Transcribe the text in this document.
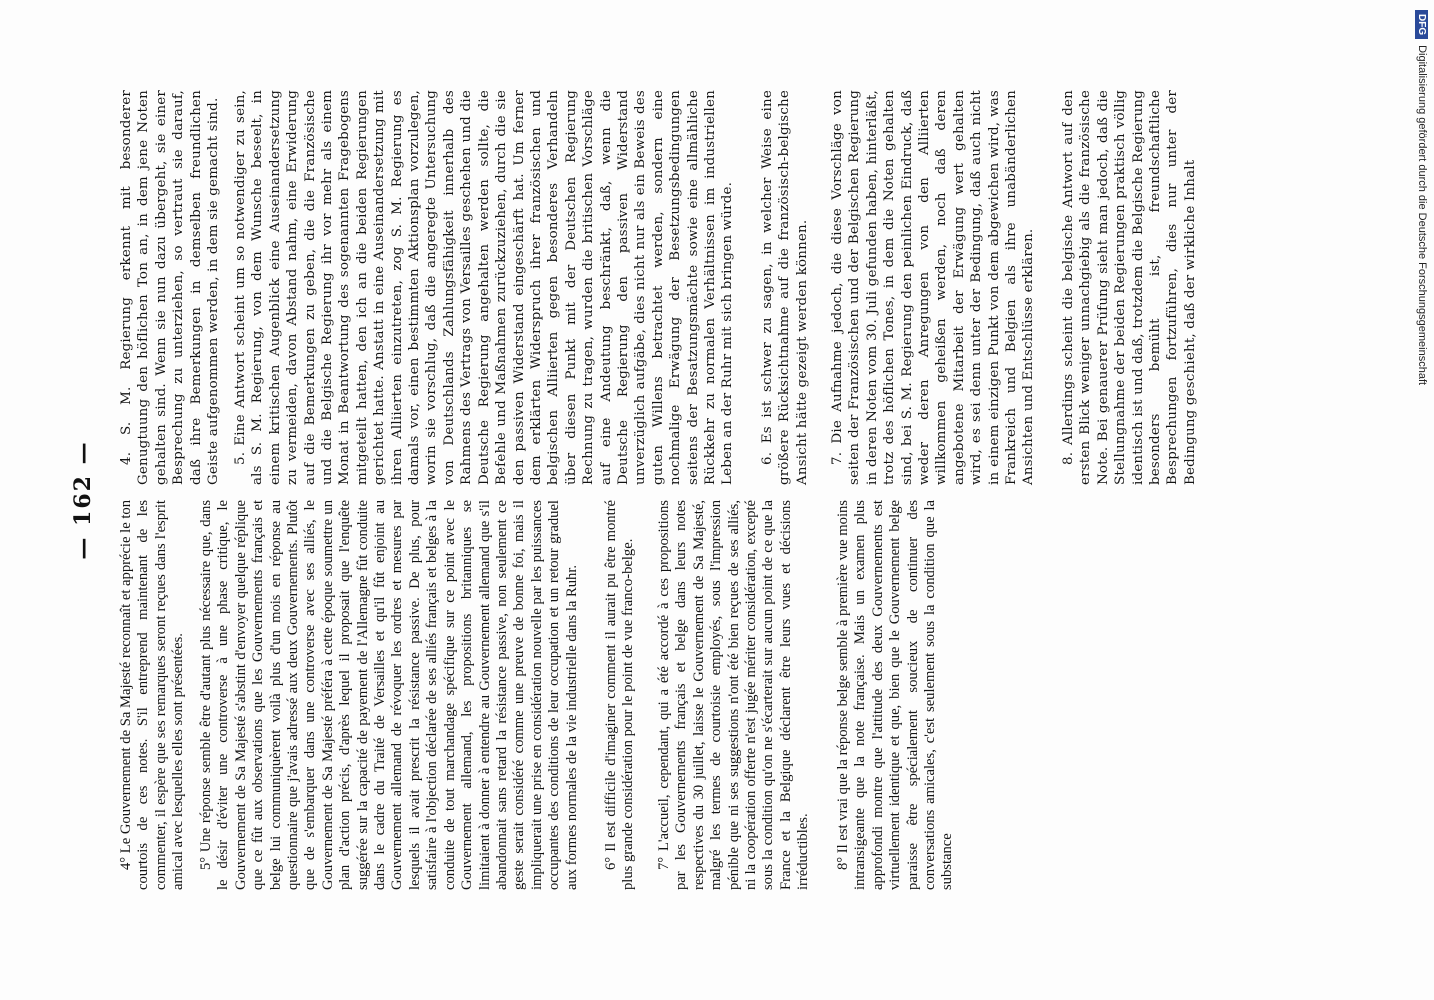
— 162 — 4° Le Gouvernement de Sa Majesté reconnaît et apprécie le ton courtois de ces notes. S'il entreprend maintenant de les commenter, il espère que ses remarques seront reçues dans l'esprit amical avec lesquelles elles sont présentées. 5° Une réponse semble être d'autant plus nécessaire que, dans le désir d'éviter une controverse à une phase critique, le Gouvernement de Sa Majesté s'abstint d'envoyer quelque réplique que ce fût aux observations que les Gouvernements français et belge lui communiquèrent voilà plus d'un mois en réponse au questionnaire que j'avais adressé aux deux Gouvernements. Plutôt que de s'embarquer dans une controverse avec ses alliés, le Gouvernement de Sa Majesté préféra à cette époque soumettre un plan d'action précis, d'après lequel il proposait que l'enquête suggérée sur la capacité de payement de l'Allemagne fût conduite dans le cadre du Traité de Versailles et qu'il fût enjoint au Gouvernement allemand de révoquer les ordres et mesures par lesquels il avait prescrit la résistance passive. De plus, pour satisfaire à l'objection déclarée de ses alliés français et belges à la conduite de tout marchandage spécifique sur ce point avec le Gouvernement allemand, les propositions britanniques se limitaient à donner à entendre au Gouvernement allemand que s'il abandonnait sans retard la résistance passive, non seulement ce geste serait considéré comme une preuve de bonne foi, mais il impliquerait une prise en considération nouvelle par les puissances occupantes des conditions de leur occupation et un retour graduel aux formes normales de la vie industrielle dans la Ruhr. 6° Il est difficile d'imaginer comment il aurait pu être montré plus grande considération pour le point de vue franco-belge. 7° L'accueil, cependant, qui a été accordé à ces propositions par les Gouvernements français et belge dans leurs notes respectives du 30 juillet, laisse le Gouvernement de Sa Majesté, malgré les termes de courtoisie employés, sous l'impression pénible que ni ses suggestions n'ont été bien reçues de ses alliés, ni la coopération offerte n'est jugée mériter considération, excepté sous la condition qu'on ne s'écarterait sur aucun point de ce que la France et la Belgique déclarent être leurs vues et décisions irréductibles. 8° Il est vrai que la réponse belge semble à première vue moins intransigeante que la note française. Mais un examen plus approfondi montre que l'attitude des deux Gouvernements est virtuellement identique et que, bien que le Gouvernement belge paraisse être spécialement soucieux de continuer des conversations amicales, c'est seulement sous la condition que la substance

4. S. M. Regierung erkennt mit besonderer Genugtuung den höflichen Ton an, in dem jene Noten gehalten sind. Wenn sie nun dazu übergeht, sie einer Besprechung zu unterziehen, so vertraut sie darauf, daß ihre Bemerkungen in demselben freundlichen Geiste aufgenommen werden, in dem sie gemacht sind. 5. Eine Antwort scheint um so notwendiger zu sein, als S. M. Regierung, von dem Wunsche beseelt, in einem kritischen Augenblick eine Auseinandersetzung zu vermeiden, davon Abstand nahm, eine Erwiderung auf die Bemerkungen zu geben, die die Französische und die Belgische Regierung ihr vor mehr als einem Monat in Beantwortung des sogenannten Fragebogens mitgeteilt hatten, den ich an die beiden Regierungen gerichtet hatte. Anstatt in eine Auseinandersetzung mit ihren Alliierten einzutreten, zog S. M. Regierung es damals vor, einen bestimmten Aktionsplan vorzulegen, worin sie vorschlug, daß die angeregte Untersuchung von Deutschlands Zahlungsfähigkeit innerhalb des Rahmens des Vertrags von Versailles geschehen und die Deutsche Regierung angehalten werden sollte, die Befehle und Maßnahmen zurückzuziehen, durch die sie den passiven Widerstand eingeschärft hat. Um ferner dem erklärten Widerspruch ihrer französischen und belgischen Alliierten gegen besonderes Verhandeln über diesen Punkt mit der Deutschen Regierung Rechnung zu tragen, wurden die britischen Vorschläge auf eine Andeutung beschränkt, daß, wenn die Deutsche Regierung den passiven Widerstand unverzüglich aufgäbe, dies nicht nur als ein Beweis des guten Willens betrachtet werden, sondern eine nochmalige Erwägung der Besetzungsbedingungen seitens der Besatzungsmächte sowie eine allmähliche Rückkehr zu normalen Verhältnissen im industriellen Leben an der Ruhr mit sich bringen würde. 6. Es ist schwer zu sagen, in welcher Weise eine größere Rücksichtnahme auf die französisch-belgische Ansicht hätte gezeigt werden können. 7. Die Aufnahme jedoch, die diese Vorschläge von seiten der Französischen und der Belgischen Regierung in deren Noten vom 30. Juli gefunden haben, hinterläßt, trotz des höflichen Tones, in dem die Noten gehalten sind, bei S. M. Regierung den peinlichen Eindruck, daß weder deren Anregungen von den Alliierten willkommen geheißen werden, noch daß deren angebotene Mitarbeit der Erwägung wert gehalten wird, es sei denn unter der Bedingung, daß auch nicht in einem einzigen Punkt von dem abgewichen wird, was Frankreich und Belgien als ihre unabänderlichen Ansichten und Entschlüsse erklären. 8. Allerdings scheint die belgische Antwort auf den ersten Blick weniger unnachgiebig als die französische Note. Bei genauerer Prüfung sieht man jedoch, daß die Stellungnahme der beiden Regierungen praktisch völlig identisch ist und daß, trotzdem die Belgische Regierung besonders bemüht ist, freundschaftliche Besprechungen fortzuführen, dies nur unter der Bedingung geschieht, daß der wirkliche Inhalt

DFGDigitalisierung gefördert durch die Deutsche Forschungsgemeinschaft
